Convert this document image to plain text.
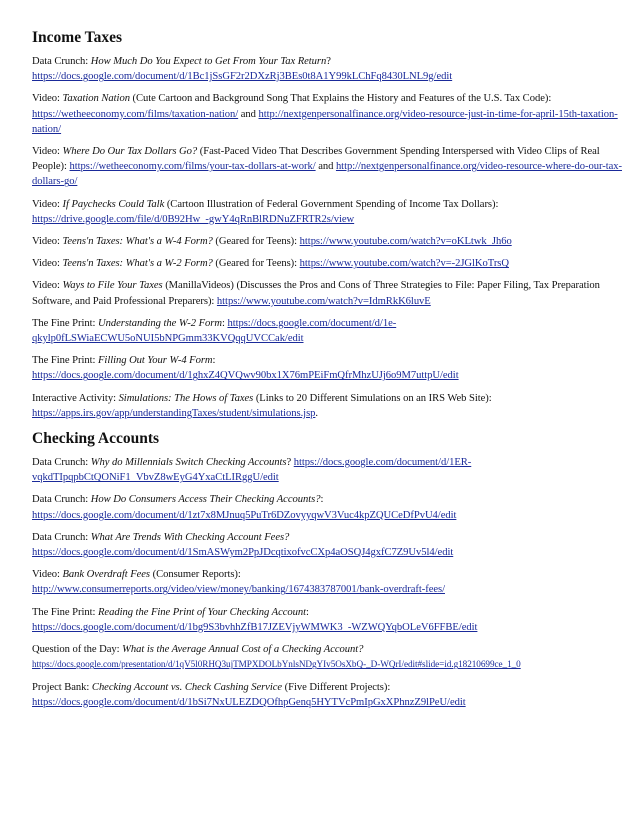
Income Taxes

Data Crunch: How Much Do You Expect to Get From Your Tax Return?
https://docs.google.com/document/d/1Bc1jSsGF2r2DXzRj3BEs0t8A1Y99kLChFq8430LNL9g/edit

Video: Taxation Nation (Cute Cartoon and Background Song That Explains the History and Features of the U.S. Tax Code): https://wetheeconomy.com/films/taxation-nation/ and http://nextgenpersonalfinance.org/video-resource-just-in-time-for-april-15th-taxation-nation/

Video: Where Do Our Tax Dollars Go? (Fast-Paced Video That Describes Government Spending Interspersed with Video Clips of Real People): https://wetheeconomy.com/films/your-tax-dollars-at-work/ and http://nextgenpersonalfinance.org/video-resource-where-do-our-tax-dollars-go/

Video: If Paychecks Could Talk (Cartoon Illustration of Federal Government Spending of Income Tax Dollars): https://drive.google.com/file/d/0B92Hw_-gwY4qRnBlRDNuZFRTR2s/view

Video: Teens'n Taxes: What's a W-4 Form? (Geared for Teens): https://www.youtube.com/watch?v=oKLtwk_Jh6o

Video: Teens'n Taxes: What's a W-2 Form? (Geared for Teens): https://www.youtube.com/watch?v=-2JGlKoTrsQ

Video: Ways to File Your Taxes (ManillaVideos) (Discusses the Pros and Cons of Three Strategies to File: Paper Filing, Tax Preparation Software, and Paid Professional Preparers): https://www.youtube.com/watch?v=IdmRkK6luvE

The Fine Print: Understanding the W-2 Form: https://docs.google.com/document/d/1e-qkylp0fLSWiaECWU5oNUI5bNPGmm33KVQqqUVCCak/edit

The Fine Print: Filling Out Your W-4 Form:
https://docs.google.com/document/d/1ghxZ4QVQwv90bx1X76mPEiFmQfrMhzUJj6o9M7uttpU/edit

Interactive Activity: Simulations: The Hows of Taxes (Links to 20 Different Simulations on an IRS Web Site):
https://apps.irs.gov/app/understandingTaxes/student/simulations.jsp.

Checking Accounts

Data Crunch: Why do Millennials Switch Checking Accounts? https://docs.google.com/document/d/1ER-vqkdTIpqpbCtQONiF1_VbvZ8wEyG4YxaCtLIRggU/edit

Data Crunch: How Do Consumers Access Their Checking Accounts?:
https://docs.google.com/document/d/1zt7x8MJnuq5PuTr6DZovyyqwV3Vuc4kpZQUCeDfPvU4/edit

Data Crunch: What Are Trends With Checking Account Fees?
https://docs.google.com/document/d/1SmASWym2PpJDcqtixofvcCXp4aOSQJ4gxfC7Z9Uv5l4/edit

Video: Bank Overdraft Fees (Consumer Reports):
http://www.consumerreports.org/video/view/money/banking/1674383787001/bank-overdraft-fees/

The Fine Print: Reading the Fine Print of Your Checking Account:
https://docs.google.com/document/d/1bg9S3bvhhZfB17JZEVjyWMWK3_-WZWQYqbOLeV6FFBE/edit

Question of the Day: What is the Average Annual Cost of a Checking Account?
https://docs.google.com/presentation/d/1qV5l0RHQ3ujTMPXDOLbYnlsNDgYIv5OsXbQ-_D-WQrI/edit#slide=id.g18210699ce_1_0

Project Bank: Checking Account vs. Check Cashing Service (Five Different Projects):
https://docs.google.com/document/d/1bSi7NxULEZDQOfhpGenq5HYTVcPmIpGxXPhnzZ9lPeU/edit
